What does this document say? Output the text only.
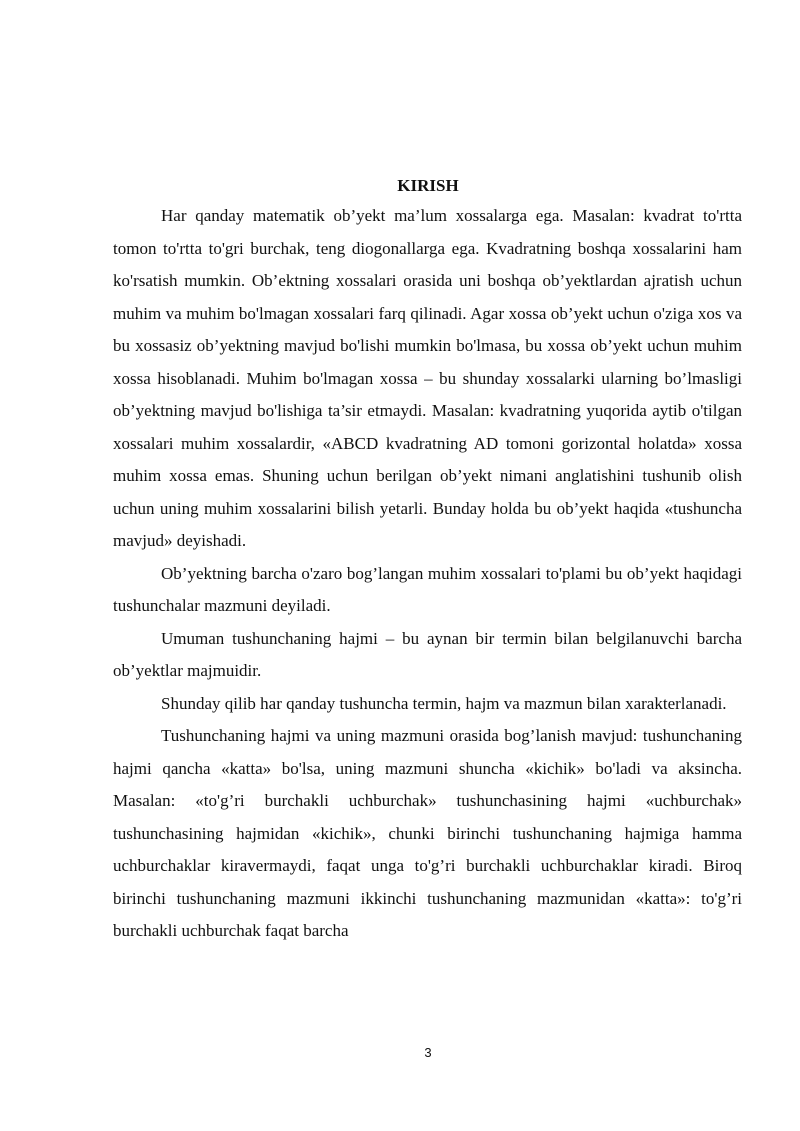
KIRISH

Har qanday matematik ob’yekt ma’lum xossalarga ega. Masalan: kvadrat to'rtta tomon to'rtta to'gri burchak, teng diogonallarga ega. Kvadratning boshqa xossalarini ham ko'rsatish mumkin. Ob’ektning xossalari orasida uni boshqa ob’yektlardan ajratish uchun muhim va muhim bo'lmagan xossalari farq qilinadi. Agar xossa ob’yekt uchun o'ziga xos va bu xossasiz ob’yektning mavjud bo'lishi mumkin bo'lmasa, bu xossa ob’yekt uchun muhim xossa hisoblanadi. Muhim bo'lmagan xossa – bu shunday xossalarki ularning bo’lmasligi ob’yektning mavjud bo'lishiga ta’sir etmaydi. Masalan: kvadratning yuqorida aytib o'tilgan xossalari muhim xossalardir, «ABCD kvadratning AD tomoni gorizontal holatda» xossa muhim xossa emas. Shuning uchun berilgan ob’yekt nimani anglatishini tushunib olish uchun uning muhim xossalarini bilish yetarli. Bunday holda bu ob’yekt haqida «tushuncha mavjud» deyishadi.

Ob’yektning barcha o'zaro bog’langan muhim xossalari to'plami bu ob’yekt haqidagi tushunchalar mazmuni deyiladi.

Umuman tushunchaning hajmi – bu aynan bir termin bilan belgilanuvchi barcha ob’yektlar majmuidir.

Shunday qilib har qanday tushuncha termin, hajm va mazmun bilan xarakterlanadi.

Tushunchaning hajmi va uning mazmuni orasida bog’lanish mavjud: tushunchaning hajmi qancha «katta» bo'lsa, uning mazmuni shuncha «kichik» bo'ladi va aksincha. Masalan: «to'g’ri burchakli uchburchak» tushunchasining hajmi «uchburchak» tushunchasining hajmidan «kichik», chunki birinchi tushunchaning hajmiga hamma uchburchaklar kiravermaydi, faqat unga to'g’ri burchakli uchburchaklar kiradi. Biroq birinchi tushunchaning mazmuni ikkinchi tushunchaning mazmunidan «katta»: to'g’ri burchakli uchburchak faqat barcha

3
